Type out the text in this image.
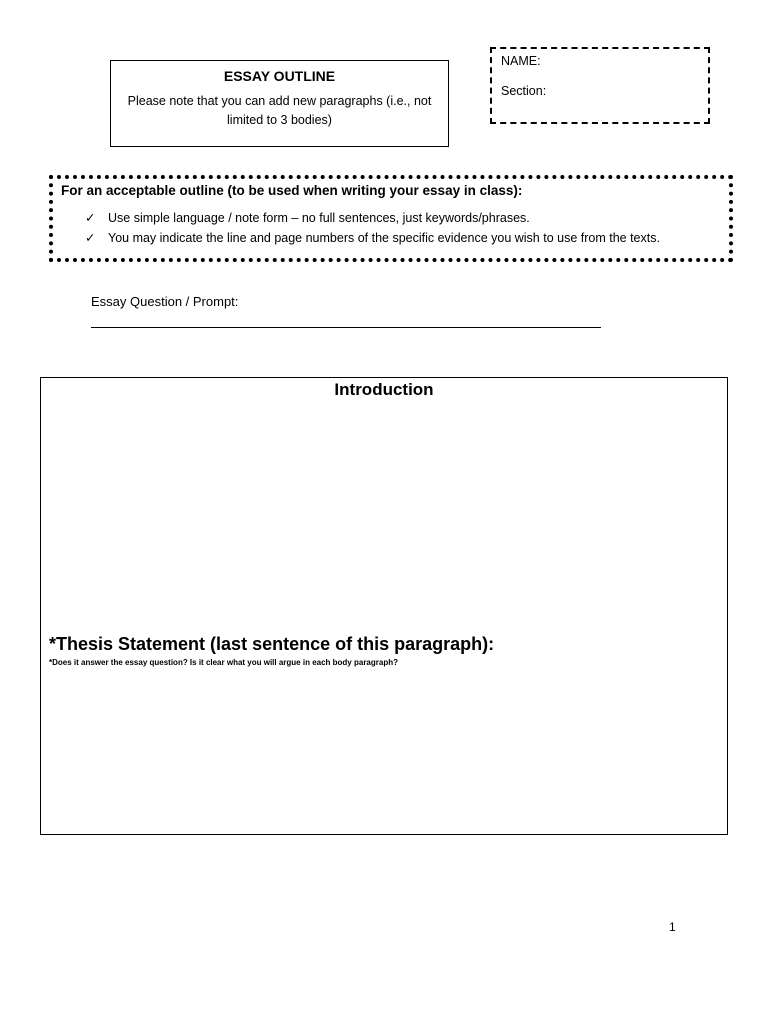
ESSAY OUTLINE
Please note that you can add new paragraphs (i.e., not limited to 3 bodies)
NAME:
Section:
For an acceptable outline (to be used when writing your essay in class):
✓ Use simple language / note form – no full sentences, just keywords/phrases.
✓ You may indicate the line and page numbers of the specific evidence you wish to use from the texts.
Essay Question / Prompt:
Introduction
*Thesis Statement (last sentence of this paragraph):
*Does it answer the essay question? Is it clear what you will argue in each body paragraph?
1
